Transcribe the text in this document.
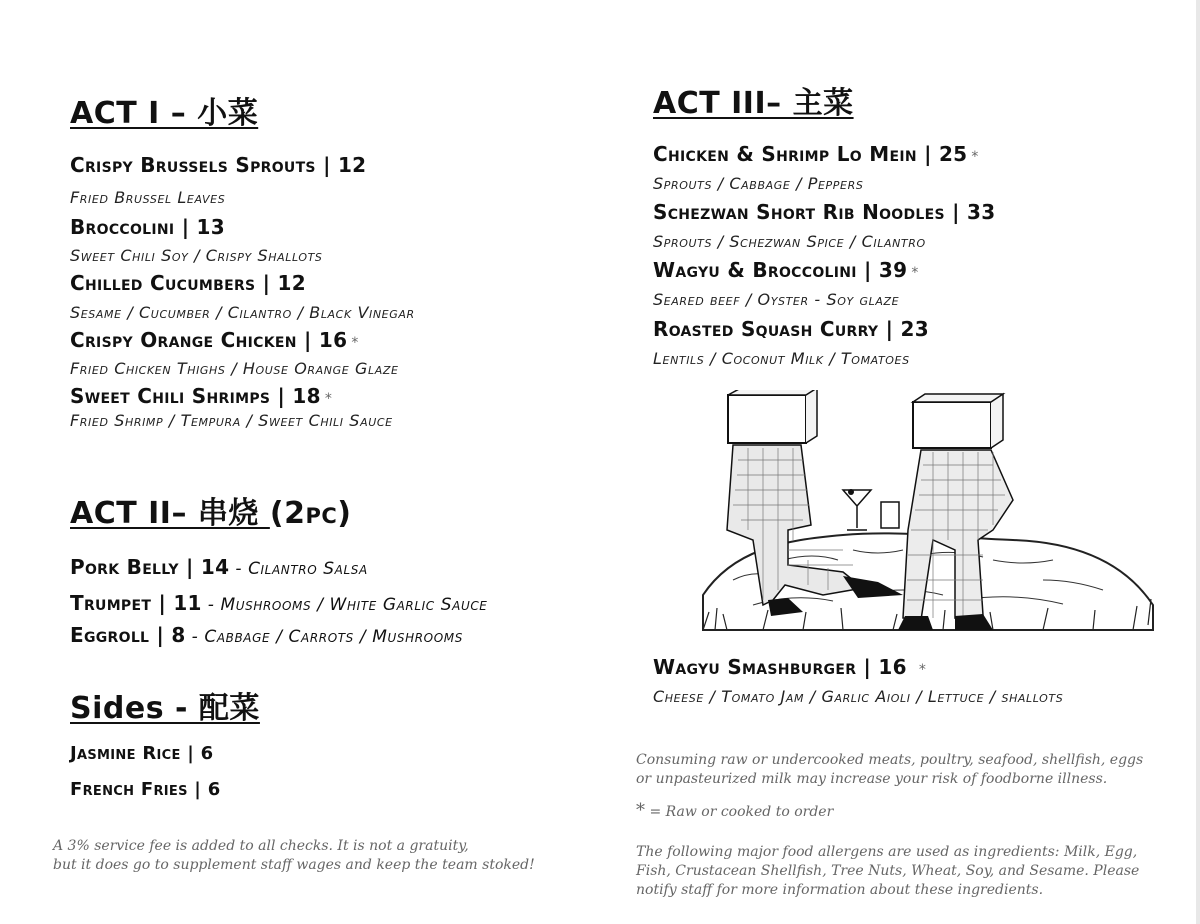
ACT I – 小菜
Crispy Brussels Sprouts | 12
Fried Brussel Leaves
Broccolini | 13
Sweet Chili Soy / Crispy Shallots
Chilled Cucumbers | 12
Sesame / Cucumber / Cilantro / Black Vinegar
Crispy Orange Chicken | 16 *
Fried Chicken Thighs / House Orange Glaze
Sweet Chili Shrimps | 18 *
Fried Shrimp / Tempura / Sweet Chili Sauce
ACT II– 串烧 (2pc)
Pork Belly | 14 - Cilantro Salsa
Trumpet | 11 - Mushrooms / White Garlic Sauce
Eggroll | 8 - Cabbage / Carrots / Mushrooms
Sides - 配菜
Jasmine Rice | 6
French Fries | 6
A 3% service fee is added to all checks. It is not a gratuity,
but it does go to supplement staff wages and keep the team stoked!
ACT III– 主菜
Chicken & Shrimp Lo Mein | 25 *
Sprouts / Cabbage / Peppers
Schezwan Short Rib Noodles | 33
Sprouts / Schezwan Spice / Cilantro
Wagyu & Broccolini | 39 *
Seared beef / Oyster - Soy glaze
Roasted Squash Curry | 23
Lentils / Coconut Milk / Tomatoes
Wagyu Smashburger | 16 *
Cheese / Tomato Jam / Garlic Aioli / Lettuce / shallots
Consuming raw or undercooked meats, poultry, seafood, shellfish, eggs
or unpasteurized milk may increase your risk of foodborne illness.
* = Raw or cooked to order
The following major food allergens are used as ingredients: Milk, Egg,
Fish, Crustacean Shellfish, Tree Nuts, Wheat, Soy, and Sesame. Please
notify staff for more information about these ingredients.
